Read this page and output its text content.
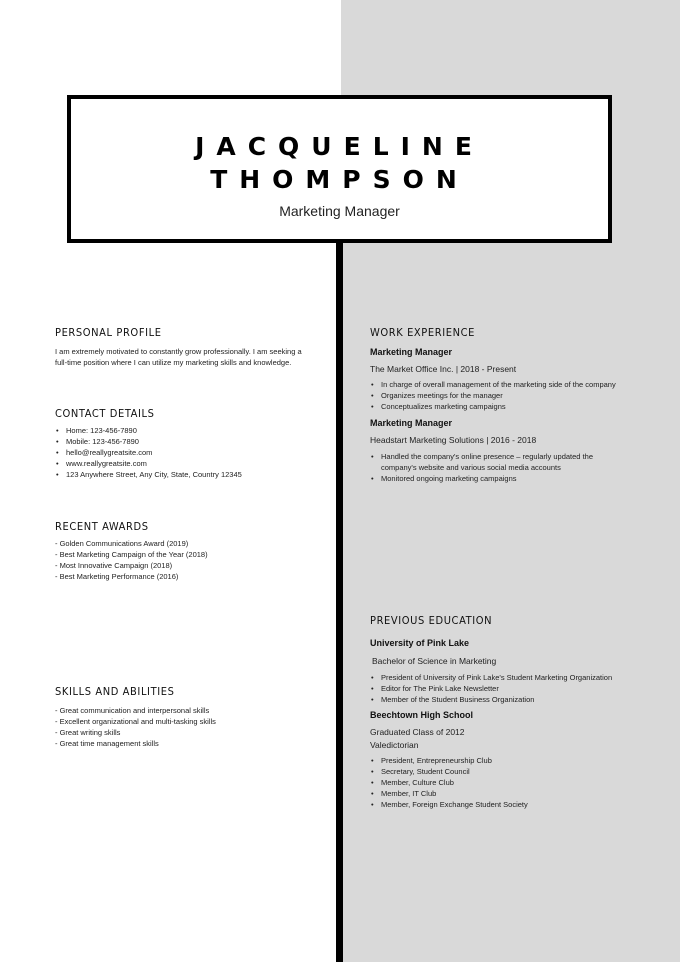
JACQUELINE
THOMPSON
Marketing Manager
PERSONAL PROFILE
I am extremely motivated to constantly grow professionally. I am seeking a
full-time position where I can utilize my marketing skills and knowledge.
CONTACT DETAILS
• Home: 123-456-7890
• Mobile: 123-456-7890
• hello@reallygreatsite.com
• www.reallygreatsite.com
• 123 Anywhere Street, Any City, State, Country 12345
RECENT AWARDS
- Golden Communications Award (2019)
- Best Marketing Campaign of the Year (2018)
- Most Innovative Campaign (2018)
- Best Marketing Performance (2016)
SKILLS AND ABILITIES
- Great communication and interpersonal skills
- Excellent organizational and multi-tasking skills
- Great writing skills
- Great time management skills
WORK EXPERIENCE
Marketing Manager
The Market Office Inc. | 2018 - Present
• In charge of overall management of the marketing side of the company
• Organizes meetings for the manager
• Conceptualizes marketing campaigns
Marketing Manager
Headstart Marketing Solutions | 2016 - 2018
• Handled the company's online presence – regularly updated the company's website and various social media accounts
• Monitored ongoing marketing campaigns
PREVIOUS EDUCATION
University of Pink Lake
Bachelor of Science in Marketing
• President of University of Pink Lake's Student Marketing Organization
• Editor for The Pink Lake Newsletter
• Member of the Student Business Organization
Beechtown High School
Graduated Class of 2012
Valedictorian
• President, Entrepreneurship Club
• Secretary, Student Council
• Member, Culture Club
• Member, IT Club
• Member, Foreign Exchange Student Society
